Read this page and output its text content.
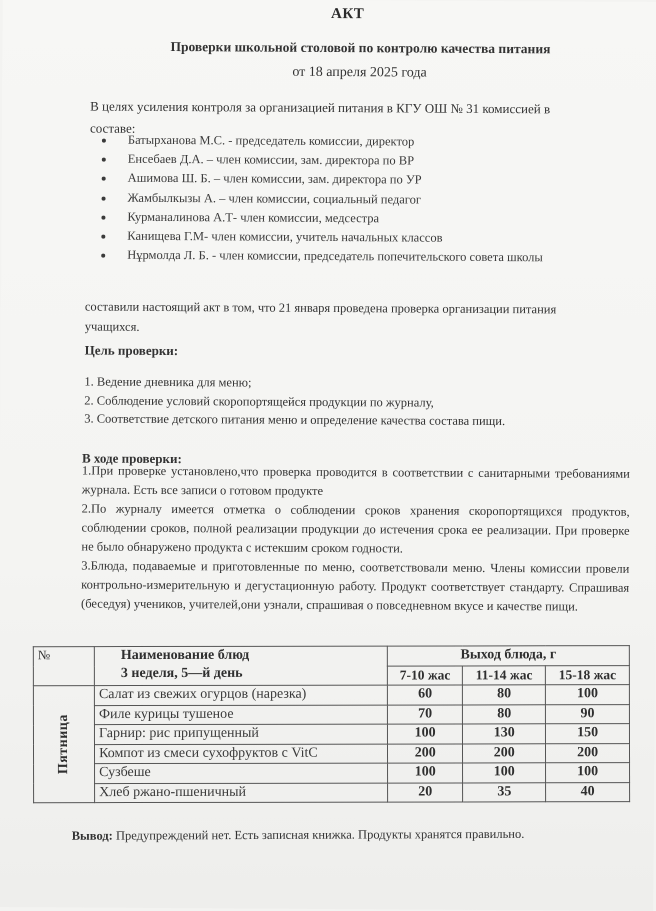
АКТ
Проверки школьной столовой по контролю качества питания
от 18 апреля 2025 года
В целях усиления контроля за организацией питания в КГУ ОШ № 31 комиссией в составе:
• Батырханова М.С. - председатель комиссии, директор
• Енсебаев Д.А. – член комиссии, зам. директора по ВР
• Ашимова Ш. Б. – член комиссии, зам. директора по УР
• Жамбылкызы А. – член комиссии, социальный педагог
• Курманалинова А.Т- член комиссии, медсестра
• Канищева Г.М- член комиссии, учитель начальных классов
• Нұрмолда Л. Б. - член комиссии, председатель попечительского совета школы
составили настоящий акт в том, что 21 января проведена проверка организации питания учащихся.
Цель проверки:
1. Ведение дневника для меню;
2. Соблюдение условий скоропортящейся продукции по журналу,
3. Соответствие детского питания меню и определение качества состава пищи.
В ходе проверки:

1.При проверке установлено,что проверка проводится в соответствии с санитарными требованиями журнала. Есть все записи о готовом продукте

2.По журналу имеется отметка о соблюдении сроков хранения скоропортящихся продуктов, соблюдении сроков, полной реализации продукции до истечения срока ее реализации. При проверке не было обнаружено продукта с истекшим сроком годности.

3.Блюда, подаваемые и приготовленные по меню, соответствовали меню. Члены комиссии провели контрольно-измерительную и дегустационную работу. Продукт соответствует стандарту. Спрашивая (беседуя) учеников, учителей,они узнали, спрашивая о повседневном вкусе и качестве пищи.

№	Наименование блюд
3 неделя, 5—й день	Выход блюда, г		
		7-10 жас	11-14 жас	15-18 жас
Пятница	Салат из свежих огурцов (нарезка)	60	80	100
	Филе курицы тушеное	70	80	90
	Гарнир: рис припущенный	100	130	150
	Компот из смеси сухофруктов с VitC	200	200	200
	Сузбеше	100	100	100
	Хлеб ржано-пшеничный	20	35	40
Вывод: Предупреждений нет. Есть записная книжка. Продукты хранятся правильно.
